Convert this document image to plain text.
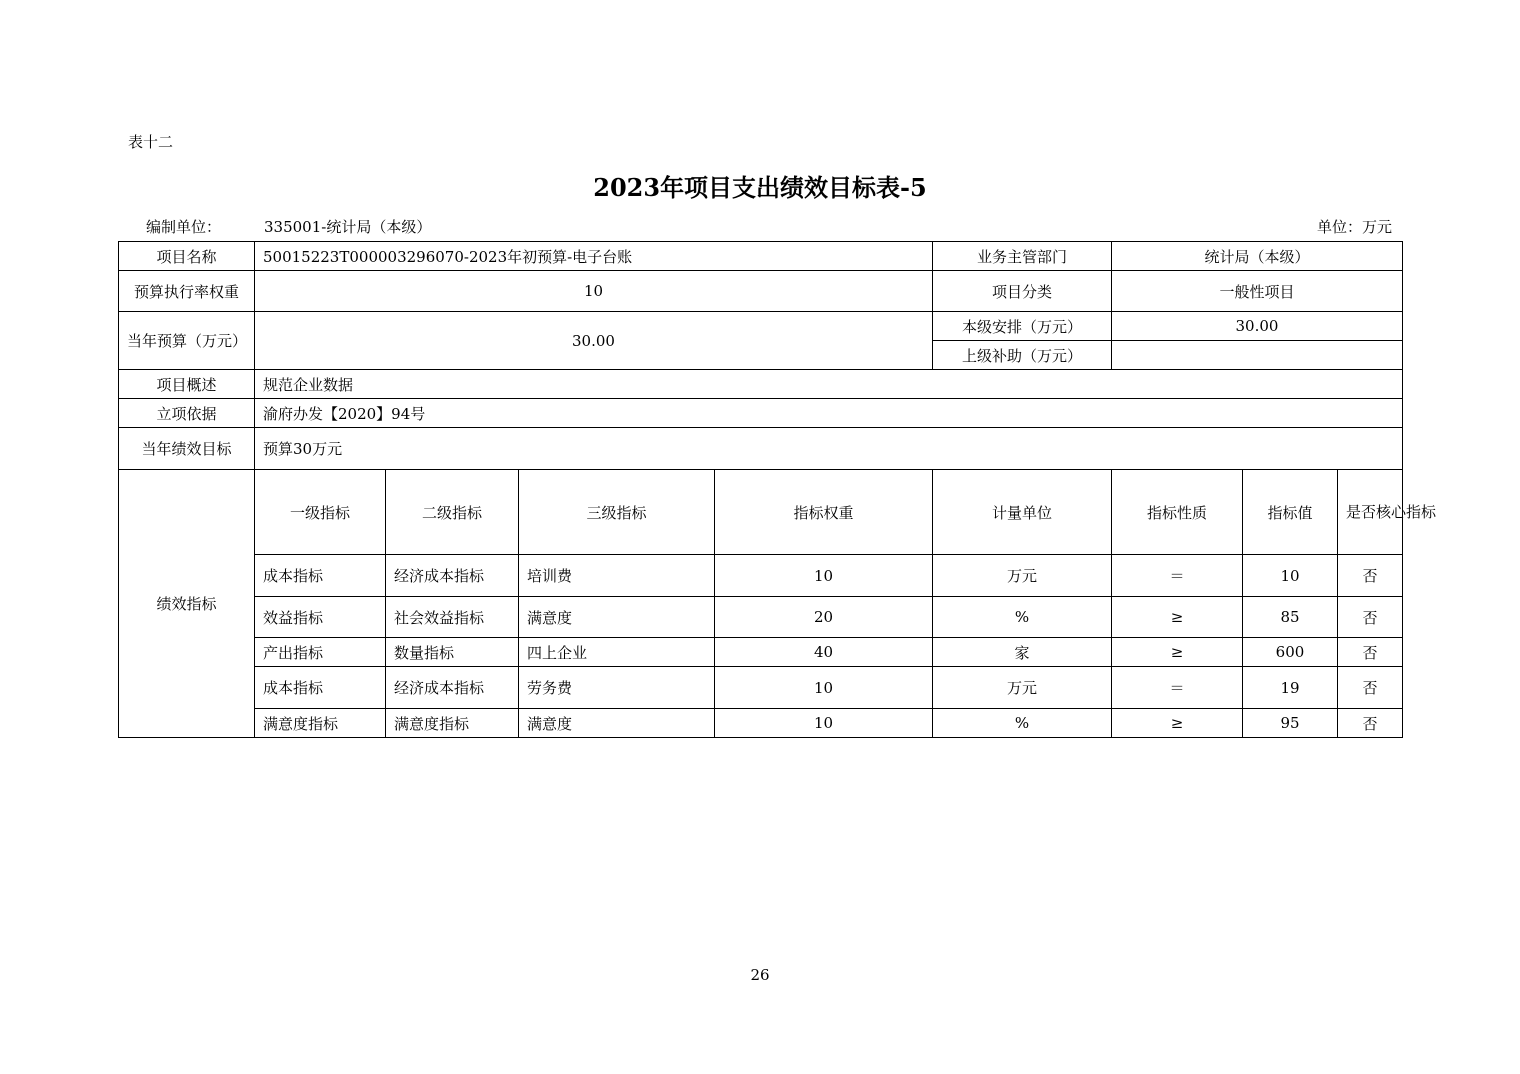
表十二
2023年项目支出绩效目标表-5
编制单位：	335001-统计局（本级）	单位：万元
项目名称	50015223T000003296070-2023年初预算-电子台账				业务主管部门	统计局（本级）		
预算执行率权重	10				项目分类	一般性项目		
当年预算（万元）	30.00				本级安排（万元）	30.00		
					上级补助（万元）			
项目概述	规范企业数据							
立项依据	渝府办发【2020】94号							
当年绩效目标	预算30万元							
绩效指标	一级指标	二级指标	三级指标	指标权重	计量单位	指标性质	指标值	是否核心指标
	成本指标	经济成本指标	培训费	10	万元	＝	10	否
	效益指标	社会效益指标	满意度	20	%	≥	85	否
	产出指标	数量指标	四上企业	40	家	≥	600	否
	成本指标	经济成本指标	劳务费	10	万元	＝	19	否
	满意度指标	满意度指标	满意度	10	%	≥	95	否
26
